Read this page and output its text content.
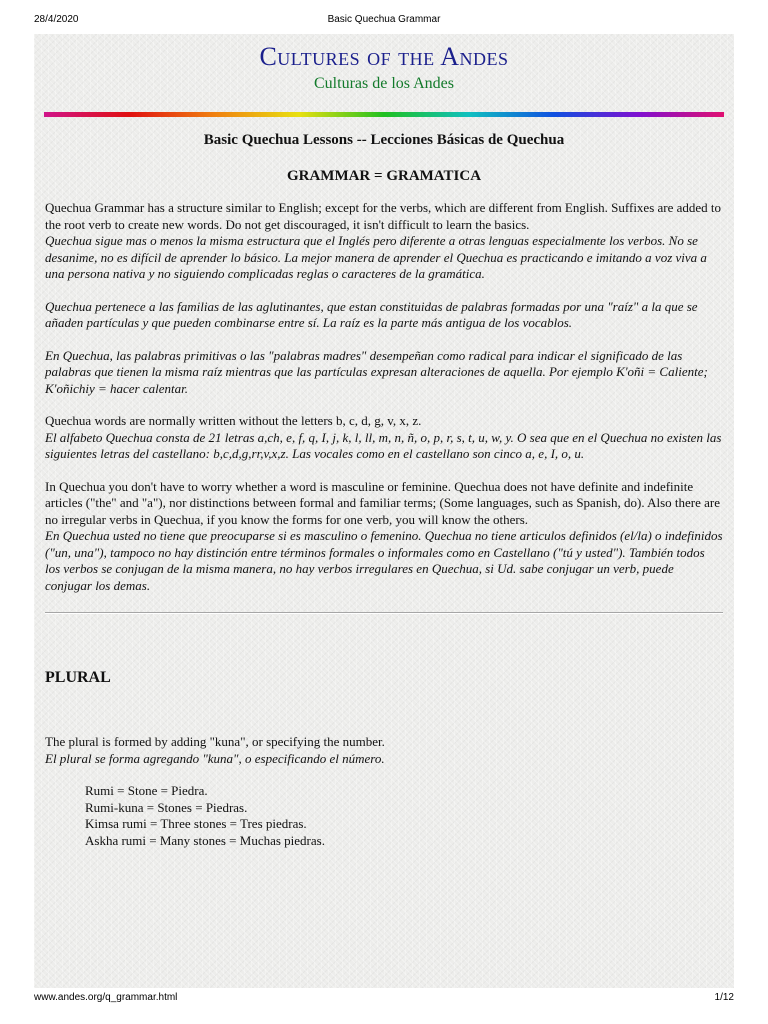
28/4/2020	Basic Quechua Grammar
Cultures of the Andes
Culturas de los Andes
Basic Quechua Lessons -- Lecciones Básicas de Quechua
GRAMMAR = GRAMATICA

Quechua Grammar has a structure similar to English; except for the verbs, which are different from English. Suffixes are added to the root verb to create new words. Do not get discouraged, it isn't difficult to learn the basics.
Quechua sigue mas o menos la misma estructura que el Inglés pero diferente a otras lenguas especialmente los verbos. No se desanime, no es difícil de aprender lo básico. La mejor manera de aprender el Quechua es practicando e imitando a voz viva a una persona nativa y no siguiendo complicadas reglas o caracteres de la gramática.

Quechua pertenece a las familias de las aglutinantes, que estan constituidas de palabras formadas por una "raíz" a la que se añaden partículas y que pueden combinarse entre sí. La raíz es la parte más antigua de los vocablos.

En Quechua, las palabras primitivas o las "palabras madres" desempeñan como radical para indicar el significado de las palabras que tienen la misma raíz mientras que las partículas expresan alteraciones de aquella. Por ejemplo K'oñi = Caliente; K'oñichiy = hacer calentar.

Quechua words are normally written without the letters b, c, d, g, v, x, z.
El alfabeto Quechua consta de 21 letras a,ch, e, f, q, I, j, k, l, ll, m, n, ñ, o, p, r, s, t, u, w, y. O sea que en el Quechua no existen las siguientes letras del castellano: b,c,d,g,rr,v,x,z. Las vocales como en el castellano son cinco a, e, I, o, u.

In Quechua you don't have to worry whether a word is masculine or feminine. Quechua does not have definite and indefinite articles ("the" and "a"), nor distinctions between formal and familiar terms; (Some languages, such as Spanish, do). Also there are no irregular verbs in Quechua, if you know the forms for one verb, you will know the others.
En Quechua usted no tiene que preocuparse si es masculino o femenino. Quechua no tiene articulos definidos (el/la) o indefinidos ("un, una"), tampoco no hay distinción entre términos formales o informales como en Castellano ("tú y usted"). También todos los verbos se conjugan de la misma manera, no hay verbos irregulares en Quechua, si Ud. sabe conjugar un verb, puede conjugar los demas.

PLURAL

The plural is formed by adding "kuna", or specifying the number.
El plural se forma agregando "kuna", o especificando el número.

Rumi = Stone = Piedra.
Rumi-kuna = Stones = Piedras.
Kimsa rumi = Three stones = Tres piedras.
Askha rumi = Many stones = Muchas piedras.
www.andes.org/q_grammar.html	1/12
